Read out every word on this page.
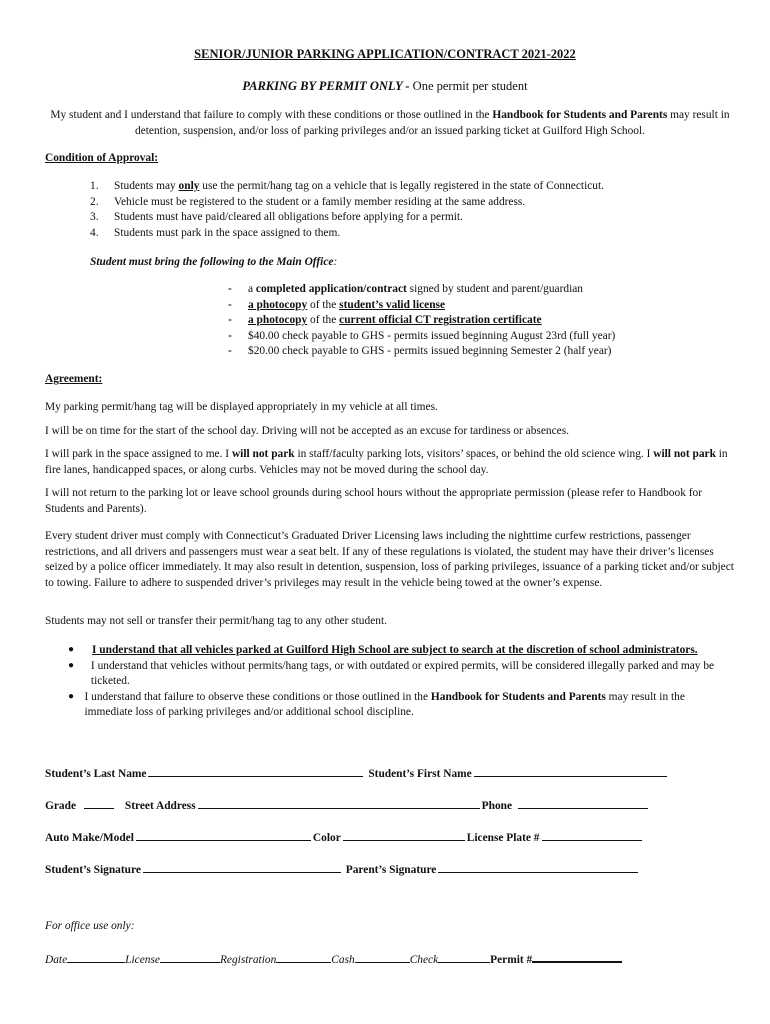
SENIOR/JUNIOR PARKING APPLICATION/CONTRACT 2021-2022
PARKING BY PERMIT ONLY - One permit per student

My student and I understand that failure to comply with these conditions or those outlined in the Handbook for Students and Parents may result in detention, suspension, and/or loss of parking privileges and/or an issued parking ticket at Guilford High School.

Condition of Approval:
1.	Students may only use the permit/hang tag on a vehicle that is legally registered in the state of Connecticut.
2.	Vehicle must be registered to the student or a family member residing at the same address.
3.	Students must have paid/cleared all obligations before applying for a permit.
4.	Students must park in the space assigned to them.
Student must bring the following to the Main Office:
-	a completed application/contract signed by student and parent/guardian
-	a photocopy of the student’s valid license
-	a photocopy of the current official CT registration certificate
-	$40.00 check payable to GHS - permits issued beginning August 23rd (full year)
-	$20.00 check payable to GHS - permits issued beginning Semester 2 (half year)
Agreement:

My parking permit/hang tag will be displayed appropriately in my vehicle at all times.

I will be on time for the start of the school day. Driving will not be accepted as an excuse for tardiness or absences.

I will park in the space assigned to me. I will not park in staff/faculty parking lots, visitors’ spaces, or behind the old science wing. I will not park in fire lanes, handicapped spaces, or along curbs. Vehicles may not be moved during the school day.

I will not return to the parking lot or leave school grounds during school hours without the appropriate permission (please refer to Handbook for Students and Parents).

Every student driver must comply with Connecticut’s Graduated Driver Licensing laws including the nighttime curfew restrictions, passenger restrictions, and all drivers and passengers must wear a seat belt. If any of these regulations is violated, the student may have their driver’s licenses seized by a police officer immediately. It may also result in detention, suspension, loss of parking privileges, issuance of a parking ticket and/or subject to towing. Failure to adhere to suspended driver’s privileges may result in the vehicle being towed at the owner’s expense.

Students may not sell or transfer their permit/hang tag to any other student.

●	I understand that all vehicles parked at Guilford High School are subject to search at the discretion of school administrators.
●	I understand that vehicles without permits/hang tags, or with outdated or expired permits, will be considered illegally parked and may be ticketed.
● I understand that failure to observe these conditions or those outlined in the Handbook for Students and Parents may result in the immediate loss of parking privileges and/or additional school discipline.
Student’s Last Name	Student’s First Name
Grade	Street Address	Phone
Auto Make/Model	Color	License Plate #
Student’s Signature	Parent’s Signature
For office use only:
Date	License	Registration	Cash	Check	Permit #
